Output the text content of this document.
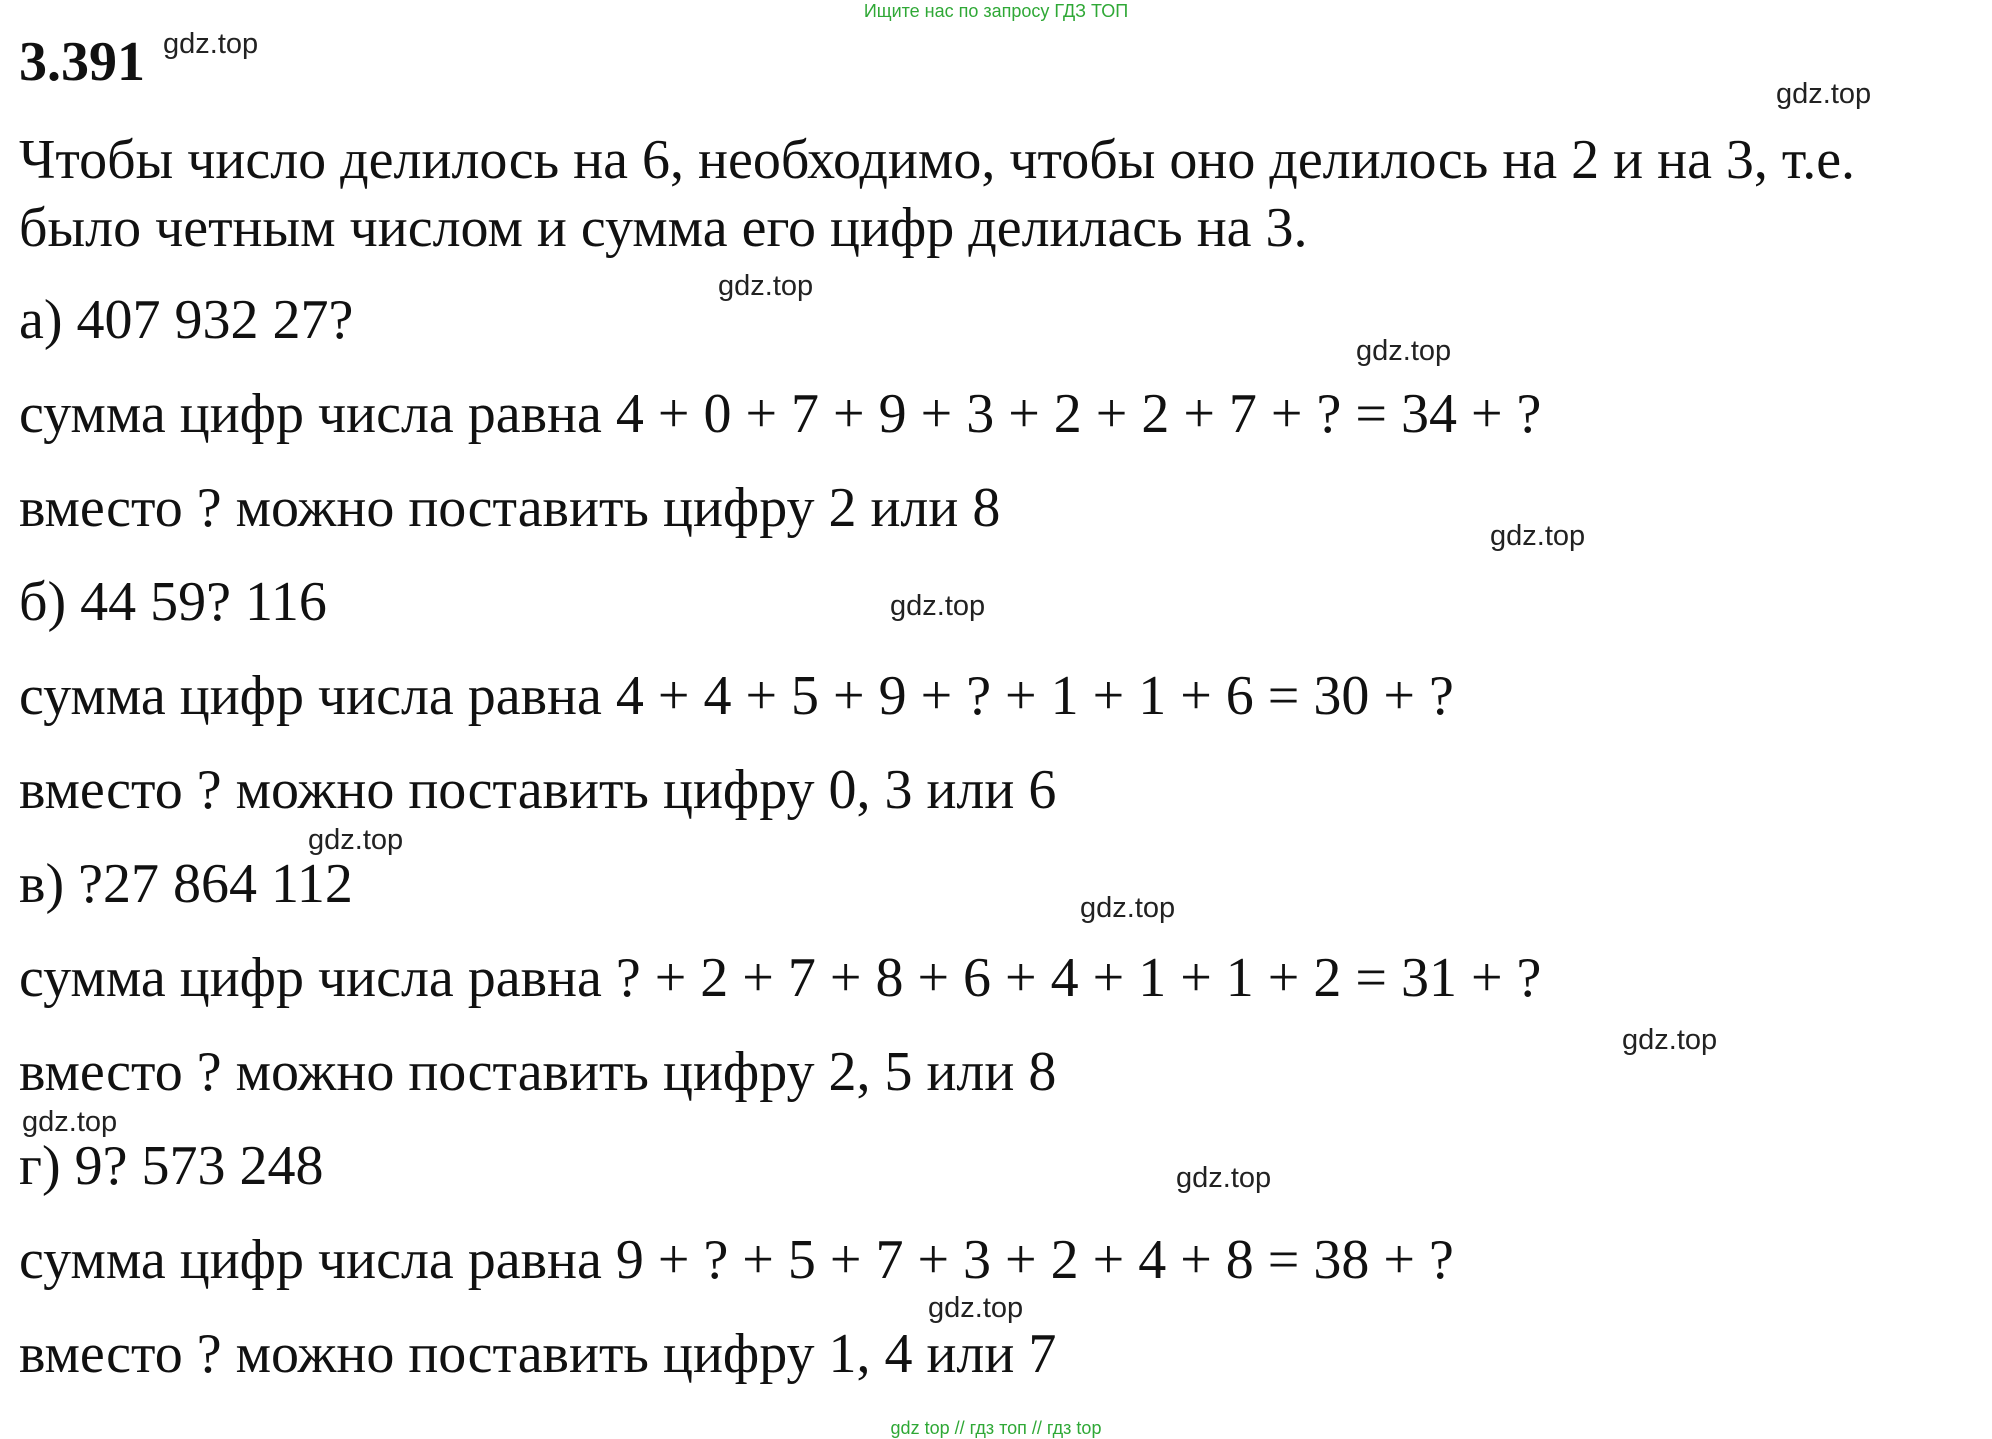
Ищите нас по запросу ГДЗ ТОП
3.391

Чтобы число делилось на 6, необходимо, чтобы оно делилось на 2 и на 3, т.е.

было четным числом и сумма его цифр делилась на 3.

а) 407 932 27?

сумма цифр числа равна 4 + 0 + 7 + 9 + 3 + 2 + 2 + 7 + ? = 34 + ?

вместо ? можно поставить цифру 2 или 8

б) 44 59? 116

сумма цифр числа равна 4 + 4 + 5 + 9 + ? + 1 + 1 + 6 = 30 + ?

вместо ? можно поставить цифру 0, 3 или 6

в) ?27 864 112

сумма цифр числа равна ? + 2 + 7 + 8 + 6 + 4 + 1 + 1 + 2 = 31 + ?

вместо ? можно поставить цифру 2, 5 или 8

г) 9? 573 248

сумма цифр числа равна 9 + ? + 5 + 7 + 3 + 2 + 4 + 8 = 38 + ?

вместо ? можно поставить цифру 1, 4 или 7

gdz.top
gdz.top
gdz.top
gdz.top
gdz.top
gdz.top
gdz.top
gdz.top
gdz.top
gdz.top
gdz.top
gdz.top
gdz top // гдз топ // гдз top
